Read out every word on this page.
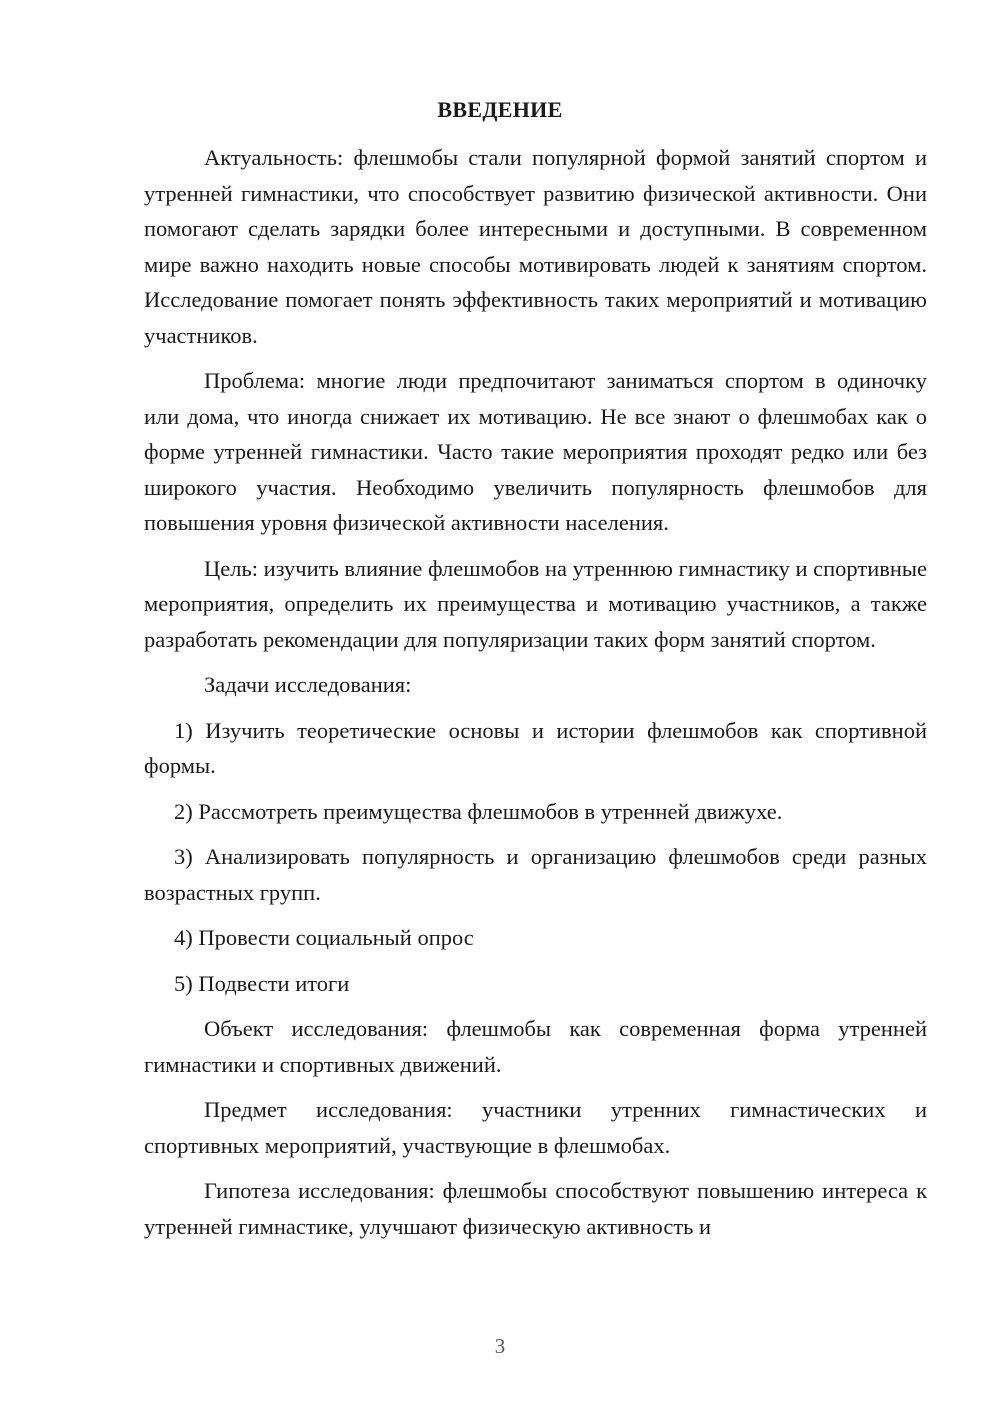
ВВЕДЕНИЕ

Актуальность: флешмобы стали популярной формой занятий спортом и утренней гимнастики, что способствует развитию физической активности. Они помогают сделать зарядки более интересными и доступными. В современном мире важно находить новые способы мотивировать людей к занятиям спортом. Исследование помогает понять эффективность таких мероприятий и мотивацию участников.

Проблема: многие люди предпочитают заниматься спортом в одиночку или дома, что иногда снижает их мотивацию. Не все знают о флешмобах как о форме утренней гимнастики. Часто такие мероприятия проходят редко или без широкого участия. Необходимо увеличить популярность флешмобов для повышения уровня физической активности населения.

Цель: изучить влияние флешмобов на утреннюю гимнастику и спортивные мероприятия, определить их преимущества и мотивацию участников, а также разработать рекомендации для популяризации таких форм занятий спортом.

Задачи исследования:

1) Изучить теоретические основы и истории флешмобов как спортивной формы.

2) Рассмотреть преимущества флешмобов в утренней движухе.

3) Анализировать популярность и организацию флешмобов среди разных возрастных групп.

4) Провести социальный опрос

5) Подвести итоги

Объект исследования: флешмобы как современная форма утренней гимнастики и спортивных движений.

Предмет исследования: участники утренних гимнастических и спортивных мероприятий, участвующие в флешмобах.

Гипотеза исследования: флешмобы способствуют повышению интереса к утренней гимнастике, улучшают физическую активность и

3
